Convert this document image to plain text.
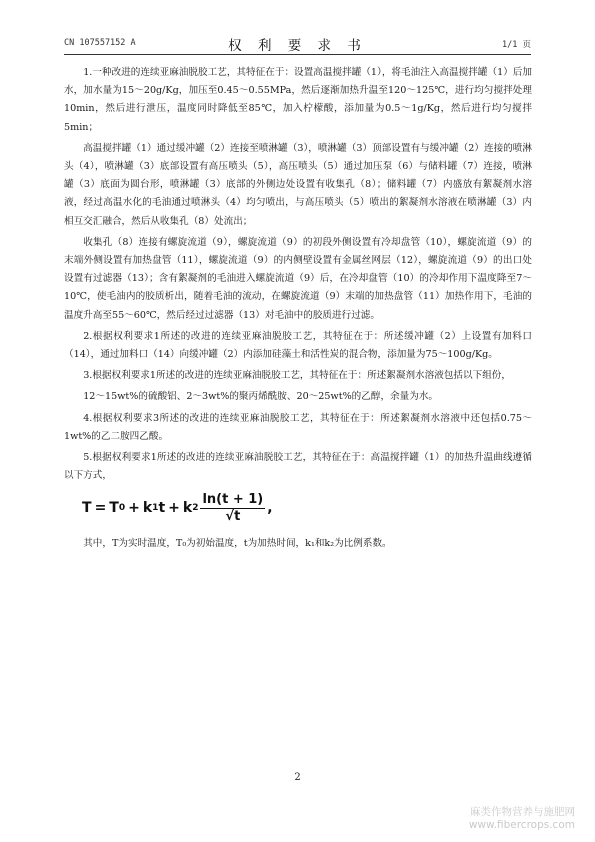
CN 107557152 A	权 利 要 求 书	1/1 页

1.一种改进的连续亚麻油脱胶工艺，其特征在于：设置高温搅拌罐（1），将毛油注入高温搅拌罐（1）后加水，加水量为15～20g/Kg，加压至0.45～0.55MPa，然后逐渐加热升温至120～125℃，进行均匀搅拌处理10min，然后进行泄压，温度同时降低至85℃，加入柠檬酸，添加量为0.5～1g/Kg，然后进行均匀搅拌5min；

高温搅拌罐（1）通过缓冲罐（2）连接至喷淋罐（3），喷淋罐（3）顶部设置有与缓冲罐（2）连接的喷淋头（4），喷淋罐（3）底部设置有高压喷头（5），高压喷头（5）通过加压泵（6）与储料罐（7）连接，喷淋罐（3）底面为圆台形，喷淋罐（3）底部的外侧边处设置有收集孔（8）；储料罐（7）内盛放有絮凝剂水溶液，经过高温水化的毛油通过喷淋头（4）均匀喷出，与高压喷头（5）喷出的絮凝剂水溶液在喷淋罐（3）内相互交汇融合，然后从收集孔（8）处流出；

收集孔（8）连接有螺旋流道（9），螺旋流道（9）的初段外侧设置有冷却盘管（10），螺旋流道（9）的末端外侧设置有加热盘管（11），螺旋流道（9）的内侧壁设置有金属丝网层（12），螺旋流道（9）的出口处设置有过滤器（13）；含有絮凝剂的毛油进入螺旋流道（9）后，在冷却盘管（10）的冷却作用下温度降至7～10℃，使毛油内的胶质析出，随着毛油的流动，在螺旋流道（9）末端的加热盘管（11）加热作用下，毛油的温度升高至55～60℃，然后经过过滤器（13）对毛油中的胶质进行过滤。

2.根据权利要求1所述的改进的连续亚麻油脱胶工艺，其特征在于：所述缓冲罐（2）上设置有加料口（14），通过加料口（14）向缓冲罐（2）内添加硅藻土和活性炭的混合物，添加量为75～100g/Kg。

3.根据权利要求1所述的改进的连续亚麻油脱胶工艺，其特征在于：所述絮凝剂水溶液包括以下组份，

12～15wt%的硫酸铝、2～3wt%的聚丙烯酰胺、20～25wt%的乙醇，余量为水。

4.根据权利要求3所述的改进的连续亚麻油脱胶工艺，其特征在于：所述絮凝剂水溶液中还包括0.75～1wt%的乙二胺四乙酸。

5.根据权利要求1所述的改进的连续亚麻油脱胶工艺，其特征在于：高温搅拌罐（1）的加热升温曲线遵循以下方式，

T = T 0 + k 1 t + k $2 \frac{\ln(t + 1)}{√t}$ ,

其中，T为实时温度，T₀为初始温度，t为加热时间，k₁和k₂为比例系数。

2
麻类作物营养与施肥网
www.fibercrops.com
